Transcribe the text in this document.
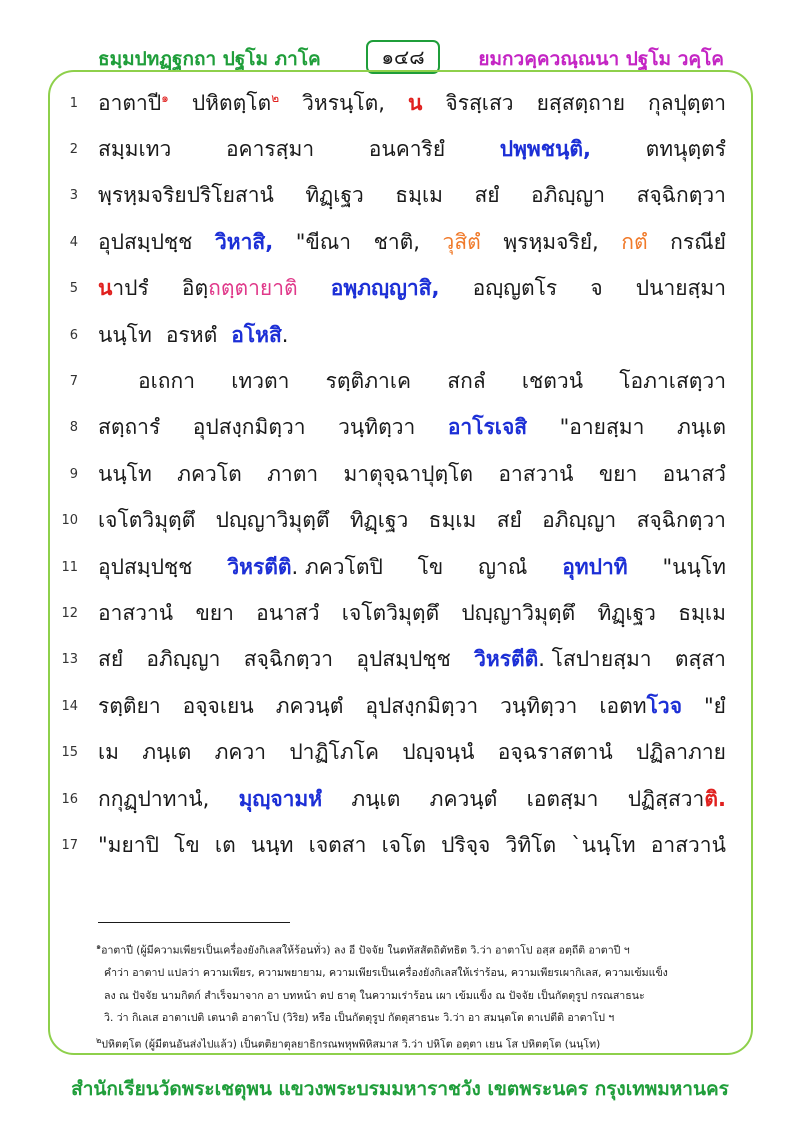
ธมฺมปทฏฺฐกถา ปฐโม ภาโค	๑๔๘	ยมกวคฺควณฺณนา ปฐโม วคฺโค
1 อาตาปี$^๑$ ปหิตตฺโต$^๒$ วิหรนฺโต, น จิรสฺเสว ยสฺสตฺถาย กุลปุตฺตา
2 สมฺมเทว	อคารสฺมา	อนคาริยํ	ปพฺพชนฺติ,	ตทนุตฺตรํ
3 พฺรหฺมจริยปริโยสานํ ทิฏฺเฐว ธมฺเม สยํ อภิญฺญา สจฺฉิกตฺวา
4 อุปสมฺปชฺช วิหาสิ, "ขีณา ชาติ, วุสิตํ พฺรหฺมจริยํ, กตํ กรณียํ
5 นาปรํ อิตฺถตฺตายาติ อพฺภญฺญาสิ, อญฺญตโร จ ปนายสฺมา
6 นนฺโท อรหตํ อโหสิ.
7	อเถกา เทวตา รตฺติภาเค สกลํ เชตวนํ โอภาเสตฺวา
8 สตฺถารํ อุปสงฺกมิตฺวา วนฺทิตฺวา อาโรเจสิ "อายสฺมา ภนฺเต
9 นนฺโท ภควโต ภาตา มาตุจฺฉาปุตฺโต อาสวานํ ขยา อนาสวํ
10 เจโตวิมุตฺตึ ปญฺญาวิมุตฺตึ ทิฏฺเฐว ธมฺเม สยํ อภิญฺญา สจฺฉิกตฺวา
11 อุปสมฺปชฺช วิหรตีติ. ภควโตปิ โข ญาณํ อุทปาทิ "นนฺโท
12 อาสวานํ ขยา อนาสวํ เจโตวิมุตฺตึ ปญฺญาวิมุตฺตึ ทิฏฺเฐว ธมฺเม
13 สยํ อภิญฺญา สจฺฉิกตฺวา อุปสมฺปชฺช วิหรตีติ. โสปายสฺมา ตสฺสา
14 รตฺติยา อจฺจเยน ภควนฺตํ อุปสงฺกมิตฺวา วนฺทิตฺวา เอตทโวจ "ยํ
15 เม ภนฺเต ภควา ปาฏิโภโค ปญฺจนฺนํ อจฺฉราสตานํ ปฏิลาภาย
16 กกุฏฺปาทานํ, มุญฺจามหํ ภนฺเต ภควนฺตํ เอตสฺมา ปฏิสฺสวาติ.
17 "มยาปิ โข เต นนฺท เจตสา เจโต ปริจฺจ วิทิโต `นนฺโท อาสวานํ
$^๑$อาตาปี (ผู้มีความเพียรเป็นเครื่องยังกิเลสให้ร้อนทั่ว) ลง อี ปัจจัย ในตทัสสัตถิตัทธิต วิ.ว่า อาตาโป อสฺส อตฺถีติ อาตาปี ฯ
คำว่า อาตาป แปลว่า ความเพียร, ความพยายาม, ความเพียรเป็นเครื่องยังกิเลสให้เร่าร้อน, ความเพียรเผากิเลส, ความเข้มแข็ง
ลง ณ ปัจจัย นามกิตก์ สำเร็จมาจาก อา บทหน้า ตป ธาตุ ในความเร่าร้อน เผา เข้มแข็ง ณ ปัจจัย เป็นกัตตุรูป กรณสาธนะ
วิ. ว่า กิเลเส อาตาเปติ เตนาติ อาตาโป (วิริย) หรือ เป็นกัตตุรูป กัตตุสาธนะ วิ.ว่า อา สมนฺตโต ตาเปตีติ อาตาโป ฯ
$^๒$ปหิตตฺโต (ผู้มีตนอันส่งไปแล้ว) เป็นตติยาตุลยาธิกรณพหุพพิหิสมาส วิ.ว่า ปหิโต อตฺตา เยน โส ปหิตตฺโต (นนฺโท)
สำนักเรียนวัดพระเชตุพน แขวงพระบรมมหาราชวัง เขตพระนคร กรุงเทพมหานคร
